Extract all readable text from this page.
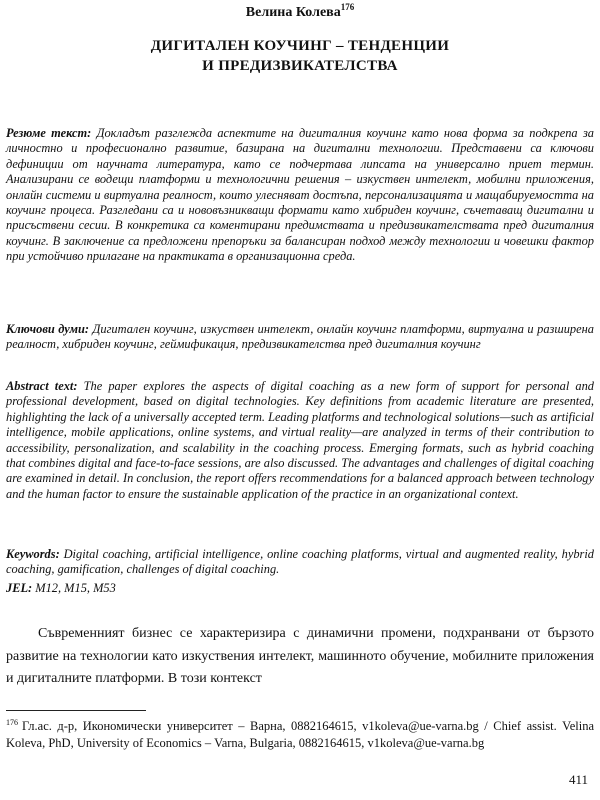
Велина Колева$^{176}$
ДИГИТАЛЕН КОУЧИНГ – ТЕНДЕНЦИИ
И ПРЕДИЗВИКАТЕЛСТВА
Резюме текст: Докладът разглежда аспектите на дигиталния коучинг като нова форма за подкрепа за личностно и професионално развитие, базирана на дигитални технологии. Представени са ключови дефиниции от научната литература, като се подчертава липсата на универсално приет термин. Анализирани се водещи платформи и технологични решения – изкуствен интелект, мобилни приложения, онлайн системи и виртуална реалност, които улесняват достъпа, персонализацията и мащабируемостта на коучинг процеса. Разгледани са и нововъзникващи формати като хибриден коучинг, съчетаващ дигитални и присъствени сесии. В конкретика са коментирани предимствата и предизвикателствата пред дигиталния коучинг. В заключение са предложени препоръки за балансиран подход между технологии и човешки фактор при устойчиво прилагане на практиката в организационна среда.
Ключови думи: Дигитален коучинг, изкуствен интелект, онлайн коучинг платформи, виртуална и разширена реалност, хибриден коучинг, геймификация, предизвикателства пред дигиталния коучинг
Abstract text: The paper explores the aspects of digital coaching as a new form of support for personal and professional development, based on digital technologies. Key definitions from academic literature are presented, highlighting the lack of a universally accepted term. Leading platforms and technological solutions—such as artificial intelligence, mobile applications, online systems, and virtual reality—are analyzed in terms of their contribution to accessibility, personalization, and scalability in the coaching process. Emerging formats, such as hybrid coaching that combines digital and face-to-face sessions, are also discussed. The advantages and challenges of digital coaching are examined in detail. In conclusion, the report offers recommendations for a balanced approach between technology and the human factor to ensure the sustainable application of the practice in an organizational context.
Keywords: Digital coaching, artificial intelligence, online coaching platforms, virtual and augmented reality, hybrid coaching, gamification, challenges of digital coaching.
JEL: M12, M15, M53
Съвременният бизнес се характеризира с динамични промени, подхранвани от бързото развитие на технологии като изкуствения интелект, машинното обучение, мобилните приложения и дигиталните платформи. В този контекст
$^{176}$ Гл.ас. д-р, Икономически университет – Варна, 0882164615, v1koleva@ue-varna.bg / Chief assist. Velina Koleva, PhD, University of Economics – Varna, Bulgaria, 0882164615, v1koleva@ue-varna.bg
411
